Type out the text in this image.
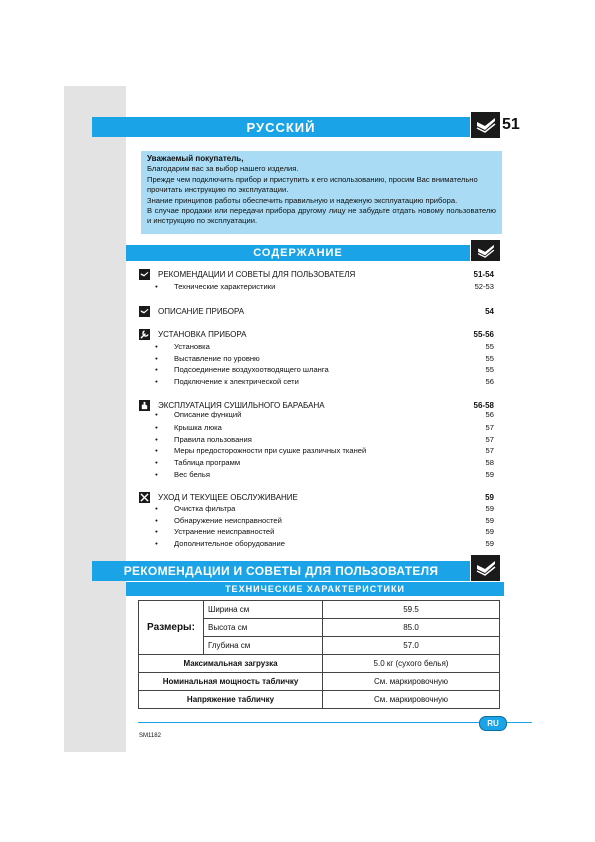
РУССКИЙ	51
Уважаемый покупатель,
Благодарим вас за выбор нашего изделия.
Прежде чем подключить прибор и приступить к его использованию, просим Вас внимательно прочитать инструкцию по эксплуатации.
Знание принципов работы обеспечить правильную и надежную эксплуатацию прибора.
В случае продажи или передачи прибора другому лицу не забудьте отдать новому пользователю и инструкцию по эксплуатации.
СОДЕРЖАНИЕ
РЕКОМЕНДАЦИИ И СОВЕТЫ ДЛЯ ПОЛЬЗОВАТЕЛЯ	51-54
•	Технические характеристики	52-53
ОПИСАНИЕ ПРИБОРА	54
УСТАНОВКА ПРИБОРА	55-56
•	Установка	55
•	Выставление по уровню	55
•	Подсоединение воздухоотводящего шланга	55
•	Подключение к электрической сети	56
ЭКСПЛУАТАЦИЯ СУШИЛЬНОГО БАРАБАНА	56-58
•	Описание функций	56
•	Крышка люка	57
•	Правила пользования	57
•	Меры предосторожности при сушке различных тканей	57
•	Таблица программ	58
•	Вес белья	59
УХОД И ТЕКУЩЕЕ ОБСЛУЖИВАНИЕ	59
•	Очистка фильтра	59
•	Обнаружение неисправностей	59
•	Устранение неисправностей	59
•	Дополнительное оборудование	59
РЕКОМЕНДАЦИИ И СОВЕТЫ ДЛЯ ПОЛЬЗОВАТЕЛЯ
ТЕХНИЧЕСКИЕ ХАРАКТЕРИСТИКИ
Размеры:	Ширина см	59.5
	Высота см	85.0
	Глубина см	57.0
Максимальная загрузка		5.0 кг (сухого белья)
Номинальная мощность табличку		См. маркировочную
Напряжение табличку		См. маркировочную
RU
SM1182
